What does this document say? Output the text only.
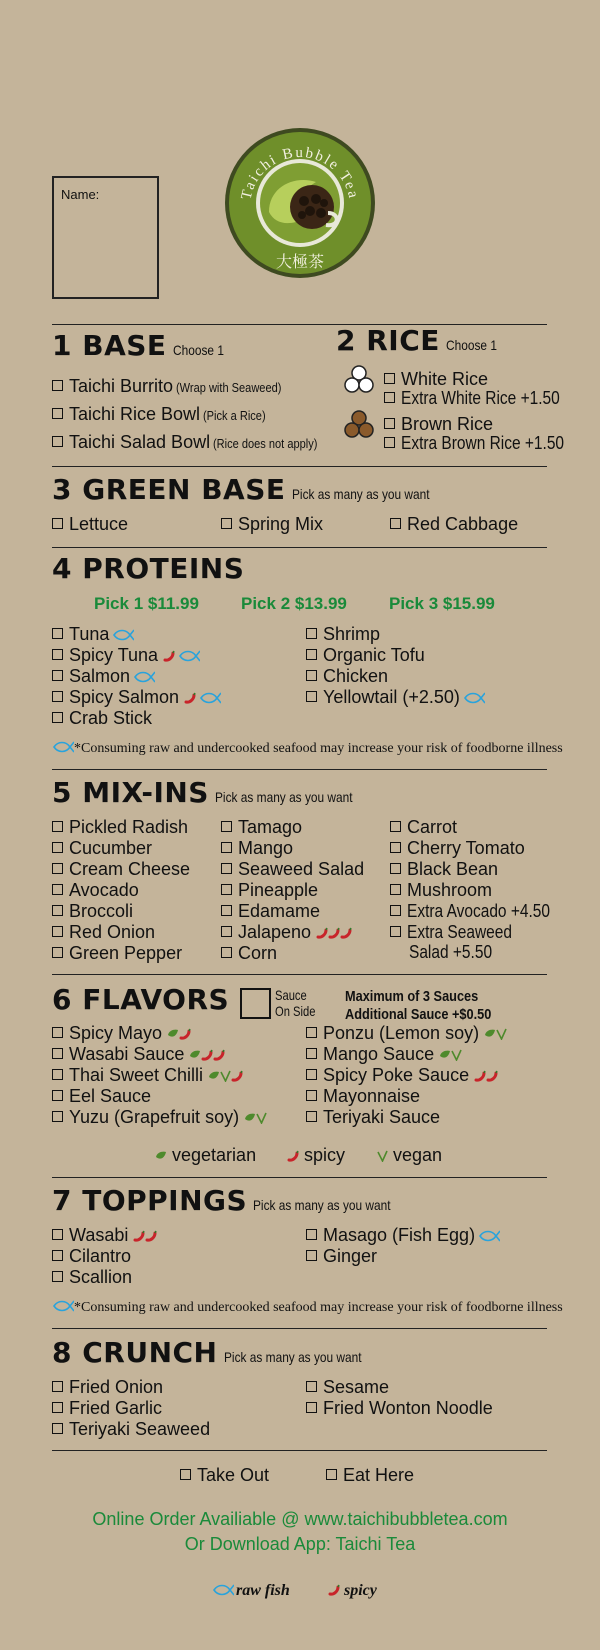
Taichi Bubble Tea
大極茶
Name:
1 BASE Choose 1
Taichi Burrito (Wrap with Seaweed)
Taichi Rice Bowl (Pick a Rice)
Taichi Salad Bowl (Rice does not apply)
2 RICE Choose 1
White Rice
Extra White Rice +1.50
Brown Rice
Extra Brown Rice +1.50
3 GREEN BASE Pick as many as you want
Lettuce	Spring Mix	Red Cabbage
4 PROTEINS
Pick 1 $11.99 Pick 2 $13.99 Pick 3 $15.99
Tuna
Spicy Tuna
Salmon
Spicy Salmon
Crab Stick
Shrimp
Organic Tofu
Chicken
Yellowtail (+2.50)
*Consuming raw and undercooked seafood may increase your risk of foodborne illness
5 MIX-INS Pick as many as you want
Pickled Radish
Cucumber
Cream Cheese
Avocado
Broccoli
Red Onion
Green Pepper
Tamago
Mango
Seaweed Salad
Pineapple
Edamame
Jalapeno
Corn
Carrot
Cherry Tomato
Black Bean
Mushroom
Extra Avocado +4.50
Extra Seaweed
Salad +5.50
6 FLAVORS	Sauce
On Side
Maximum of 3 Sauces
Additional Sauce +$0.50
Spicy Mayo
Wasabi Sauce
Thai Sweet Chilli
Eel Sauce
Yuzu (Grapefruit soy)
Ponzu (Lemon soy)
Mango Sauce
Spicy Poke Sauce
Mayonnaise
Teriyaki Sauce
vegetarian	spicy	vegan
7 TOPPINGS Pick as many as you want
Wasabi
Cilantro
Scallion
Masago (Fish Egg)
Ginger
*Consuming raw and undercooked seafood may increase your risk of foodborne illness
8 CRUNCH Pick as many as you want
Fried Onion
Fried Garlic
Teriyaki Seaweed
Sesame
Fried Wonton Noodle
Take Out	Eat Here
Online Order Availiable @ www.taichibubbletea.com
Or Download App: Taichi Tea
raw fish	spicy
